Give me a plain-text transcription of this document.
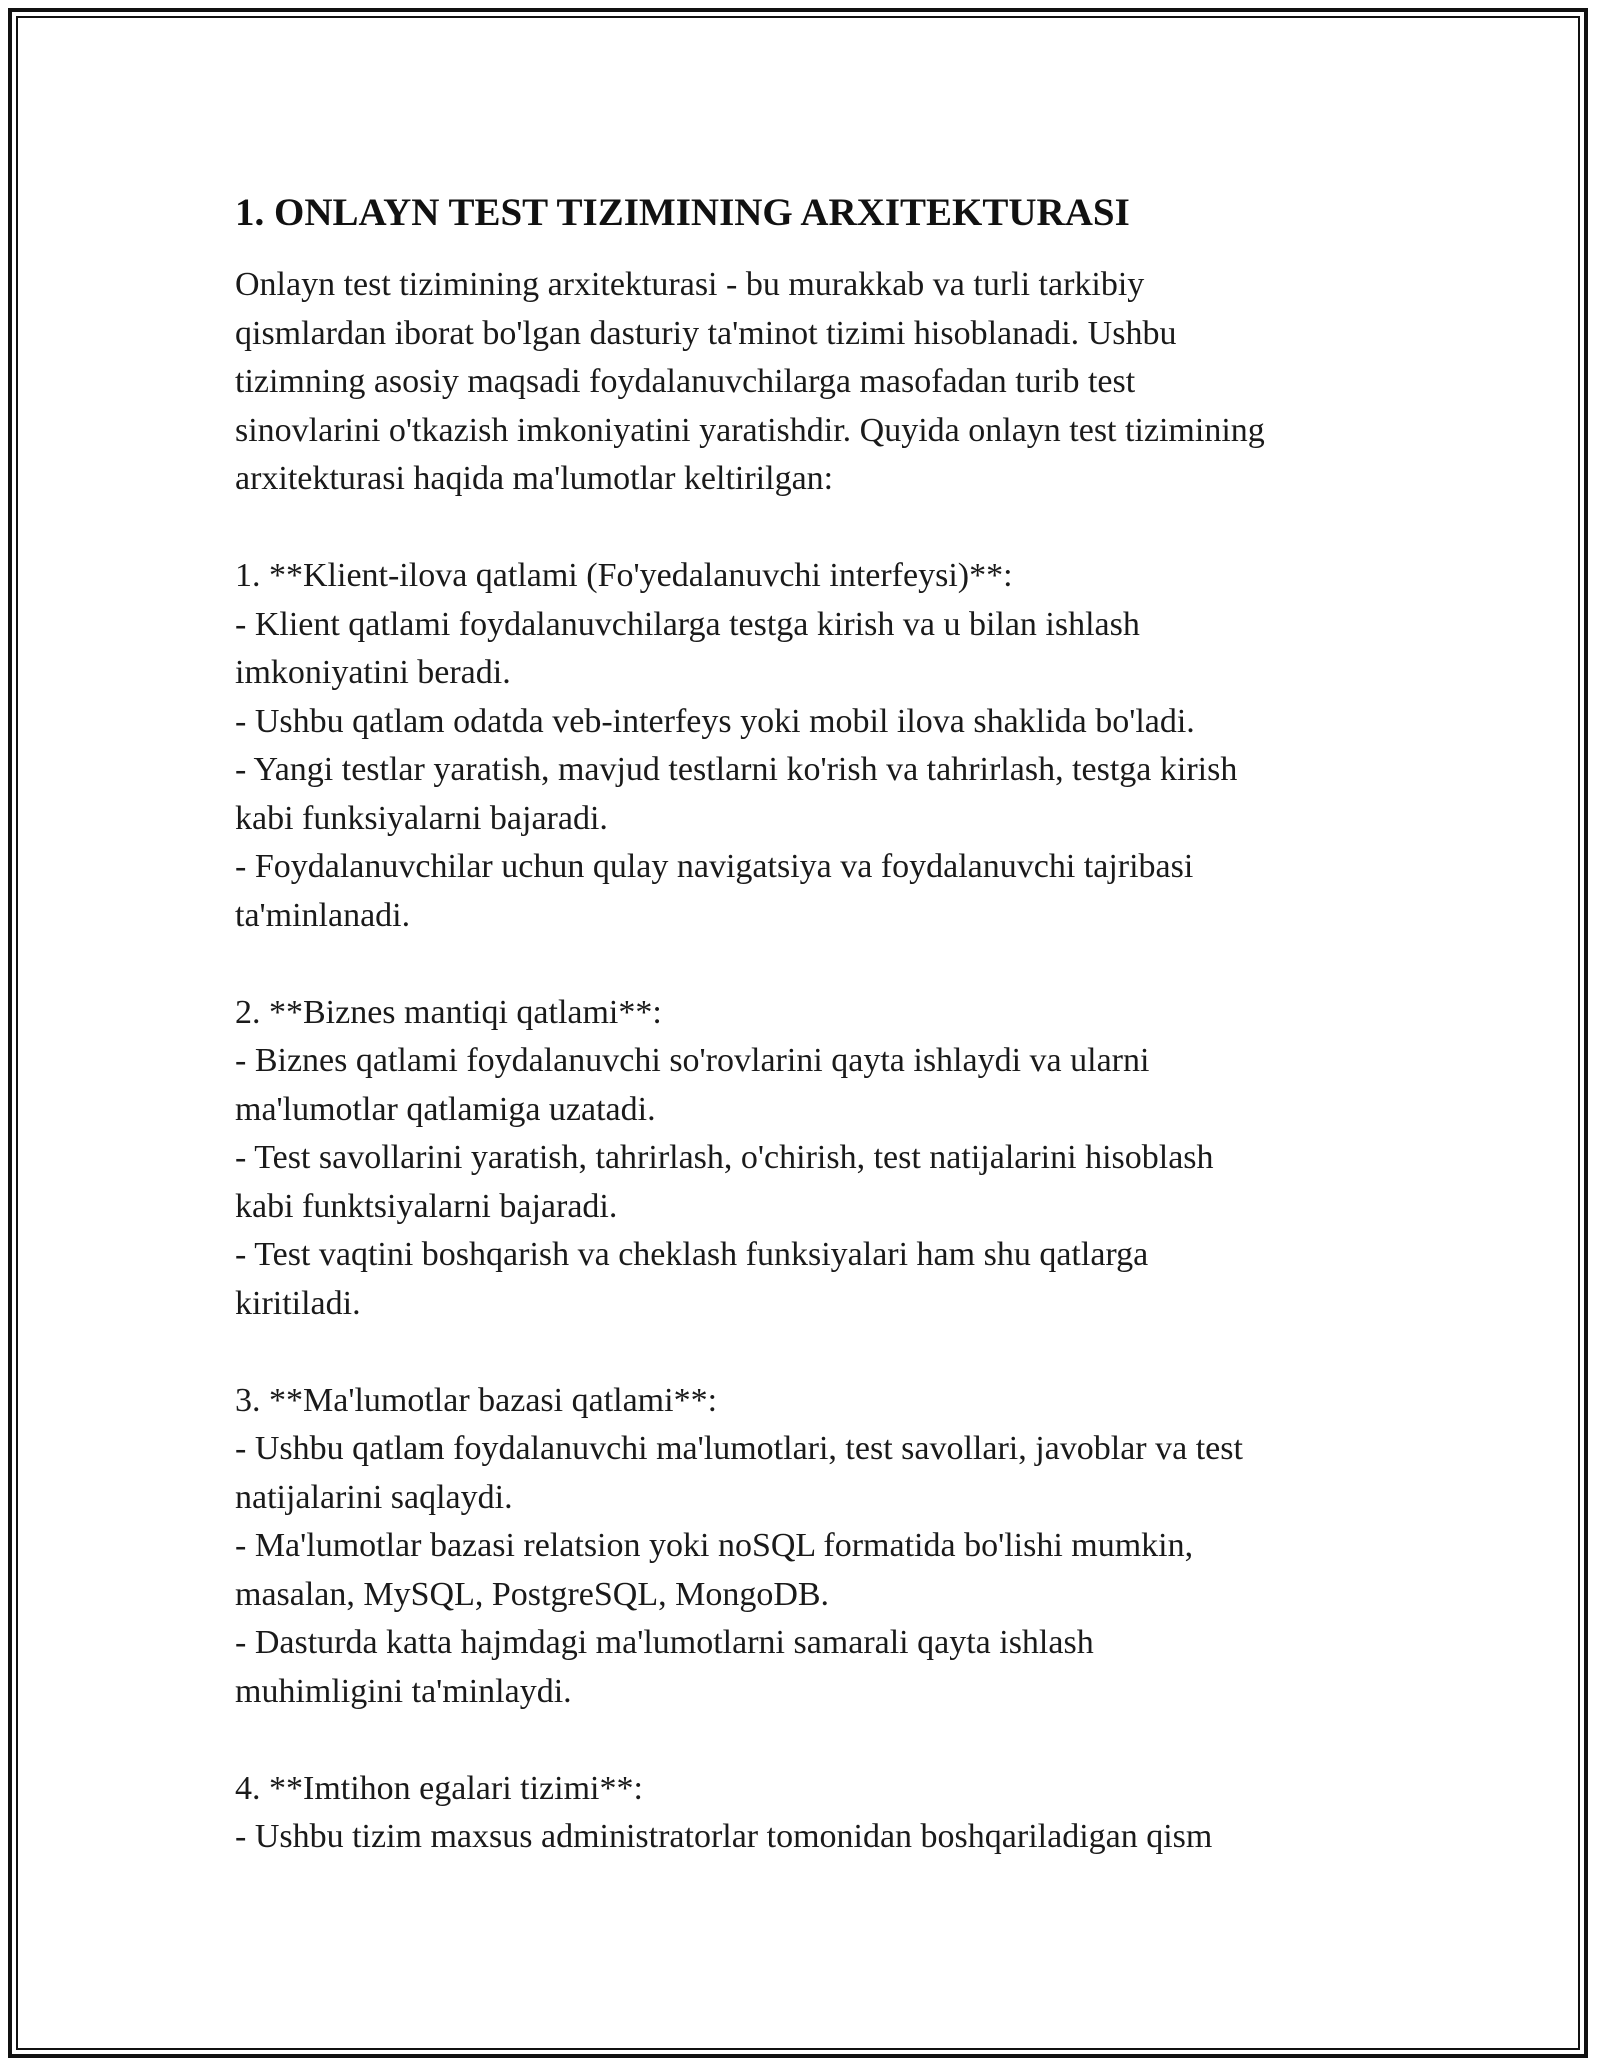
1. ONLAYN TEST TIZIMINING ARXITEKTURASI

Onlayn test tizimining arxitekturasi - bu murakkab va turli tarkibiy
qismlardan iborat bo'lgan dasturiy ta'minot tizimi hisoblanadi. Ushbu
tizimning asosiy maqsadi foydalanuvchilarga masofadan turib test
sinovlarini o'tkazish imkoniyatini yaratishdir. Quyida onlayn test tizimining
arxitekturasi haqida ma'lumotlar keltirilgan:

1. **Klient-ilova qatlami (Fo'yedalanuvchi interfeysi)**:

- Klient qatlami foydalanuvchilarga testga kirish va u bilan ishlash
imkoniyatini beradi.
- Ushbu qatlam odatda veb-interfeys yoki mobil ilova shaklida bo'ladi.
- Yangi testlar yaratish, mavjud testlarni ko'rish va tahrirlash, testga kirish
kabi funksiyalarni bajaradi.
- Foydalanuvchilar uchun qulay navigatsiya va foydalanuvchi tajribasi
ta'minlanadi.

2. **Biznes mantiqi qatlami**:

- Biznes qatlami foydalanuvchi so'rovlarini qayta ishlaydi va ularni
ma'lumotlar qatlamiga uzatadi.
- Test savollarini yaratish, tahrirlash, o'chirish, test natijalarini hisoblash
kabi funktsiyalarni bajaradi.
- Test vaqtini boshqarish va cheklash funksiyalari ham shu qatlarga
kiritiladi.

3. **Ma'lumotlar bazasi qatlami**:

- Ushbu qatlam foydalanuvchi ma'lumotlari, test savollari, javoblar va test
natijalarini saqlaydi.
- Ma'lumotlar bazasi relatsion yoki noSQL formatida bo'lishi mumkin,
masalan, MySQL, PostgreSQL, MongoDB.
- Dasturda katta hajmdagi ma'lumotlarni samarali qayta ishlash
muhimligini ta'minlaydi.

4. **Imtihon egalari tizimi**:

- Ushbu tizim maxsus administratorlar tomonidan boshqariladigan qism
